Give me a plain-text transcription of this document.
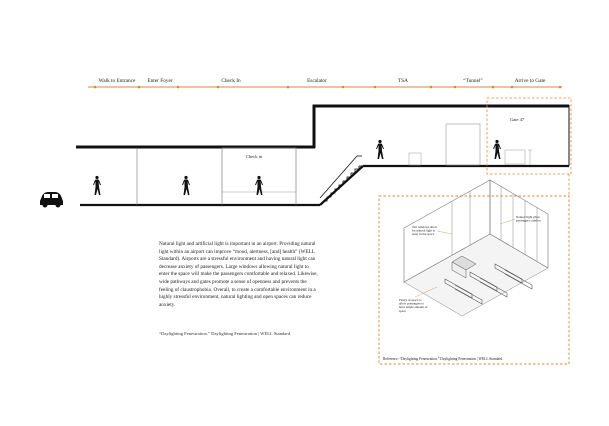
Walk to Entrance Enter Foyer	Check In	Escalator	TSA	“Tunnel”	Arrive to Gate
Check in
Gate 47
Tall windows allow for natural light to enter in the space
Natural light gives passengers comfort
Plenty of space to allow passengers to have ample amount of space
Reference: “Daylighting Fenestration.” Daylighting Fenestration | WELL Standard.
Natural light and artificial light is important in an airport. Providing natural light within an airport can improve “mood, alertness, [and] health” (WELL Standard). Airports are a stressful environment and having natural light can decrease anxiety of passengers. Large windows allowing natural light to enter the space will make the passengers comfortable and relaxed. Likewise, wide pathways and gates promote a sense of openness and prevents the feeling of claustrophobia. Overall, to create a comfortable environment in a highly stressful environment, natural lighting and open spaces can reduce anxiety.
“Daylighting Fenestration.” Daylighting Fenestration | WELL Standard.
